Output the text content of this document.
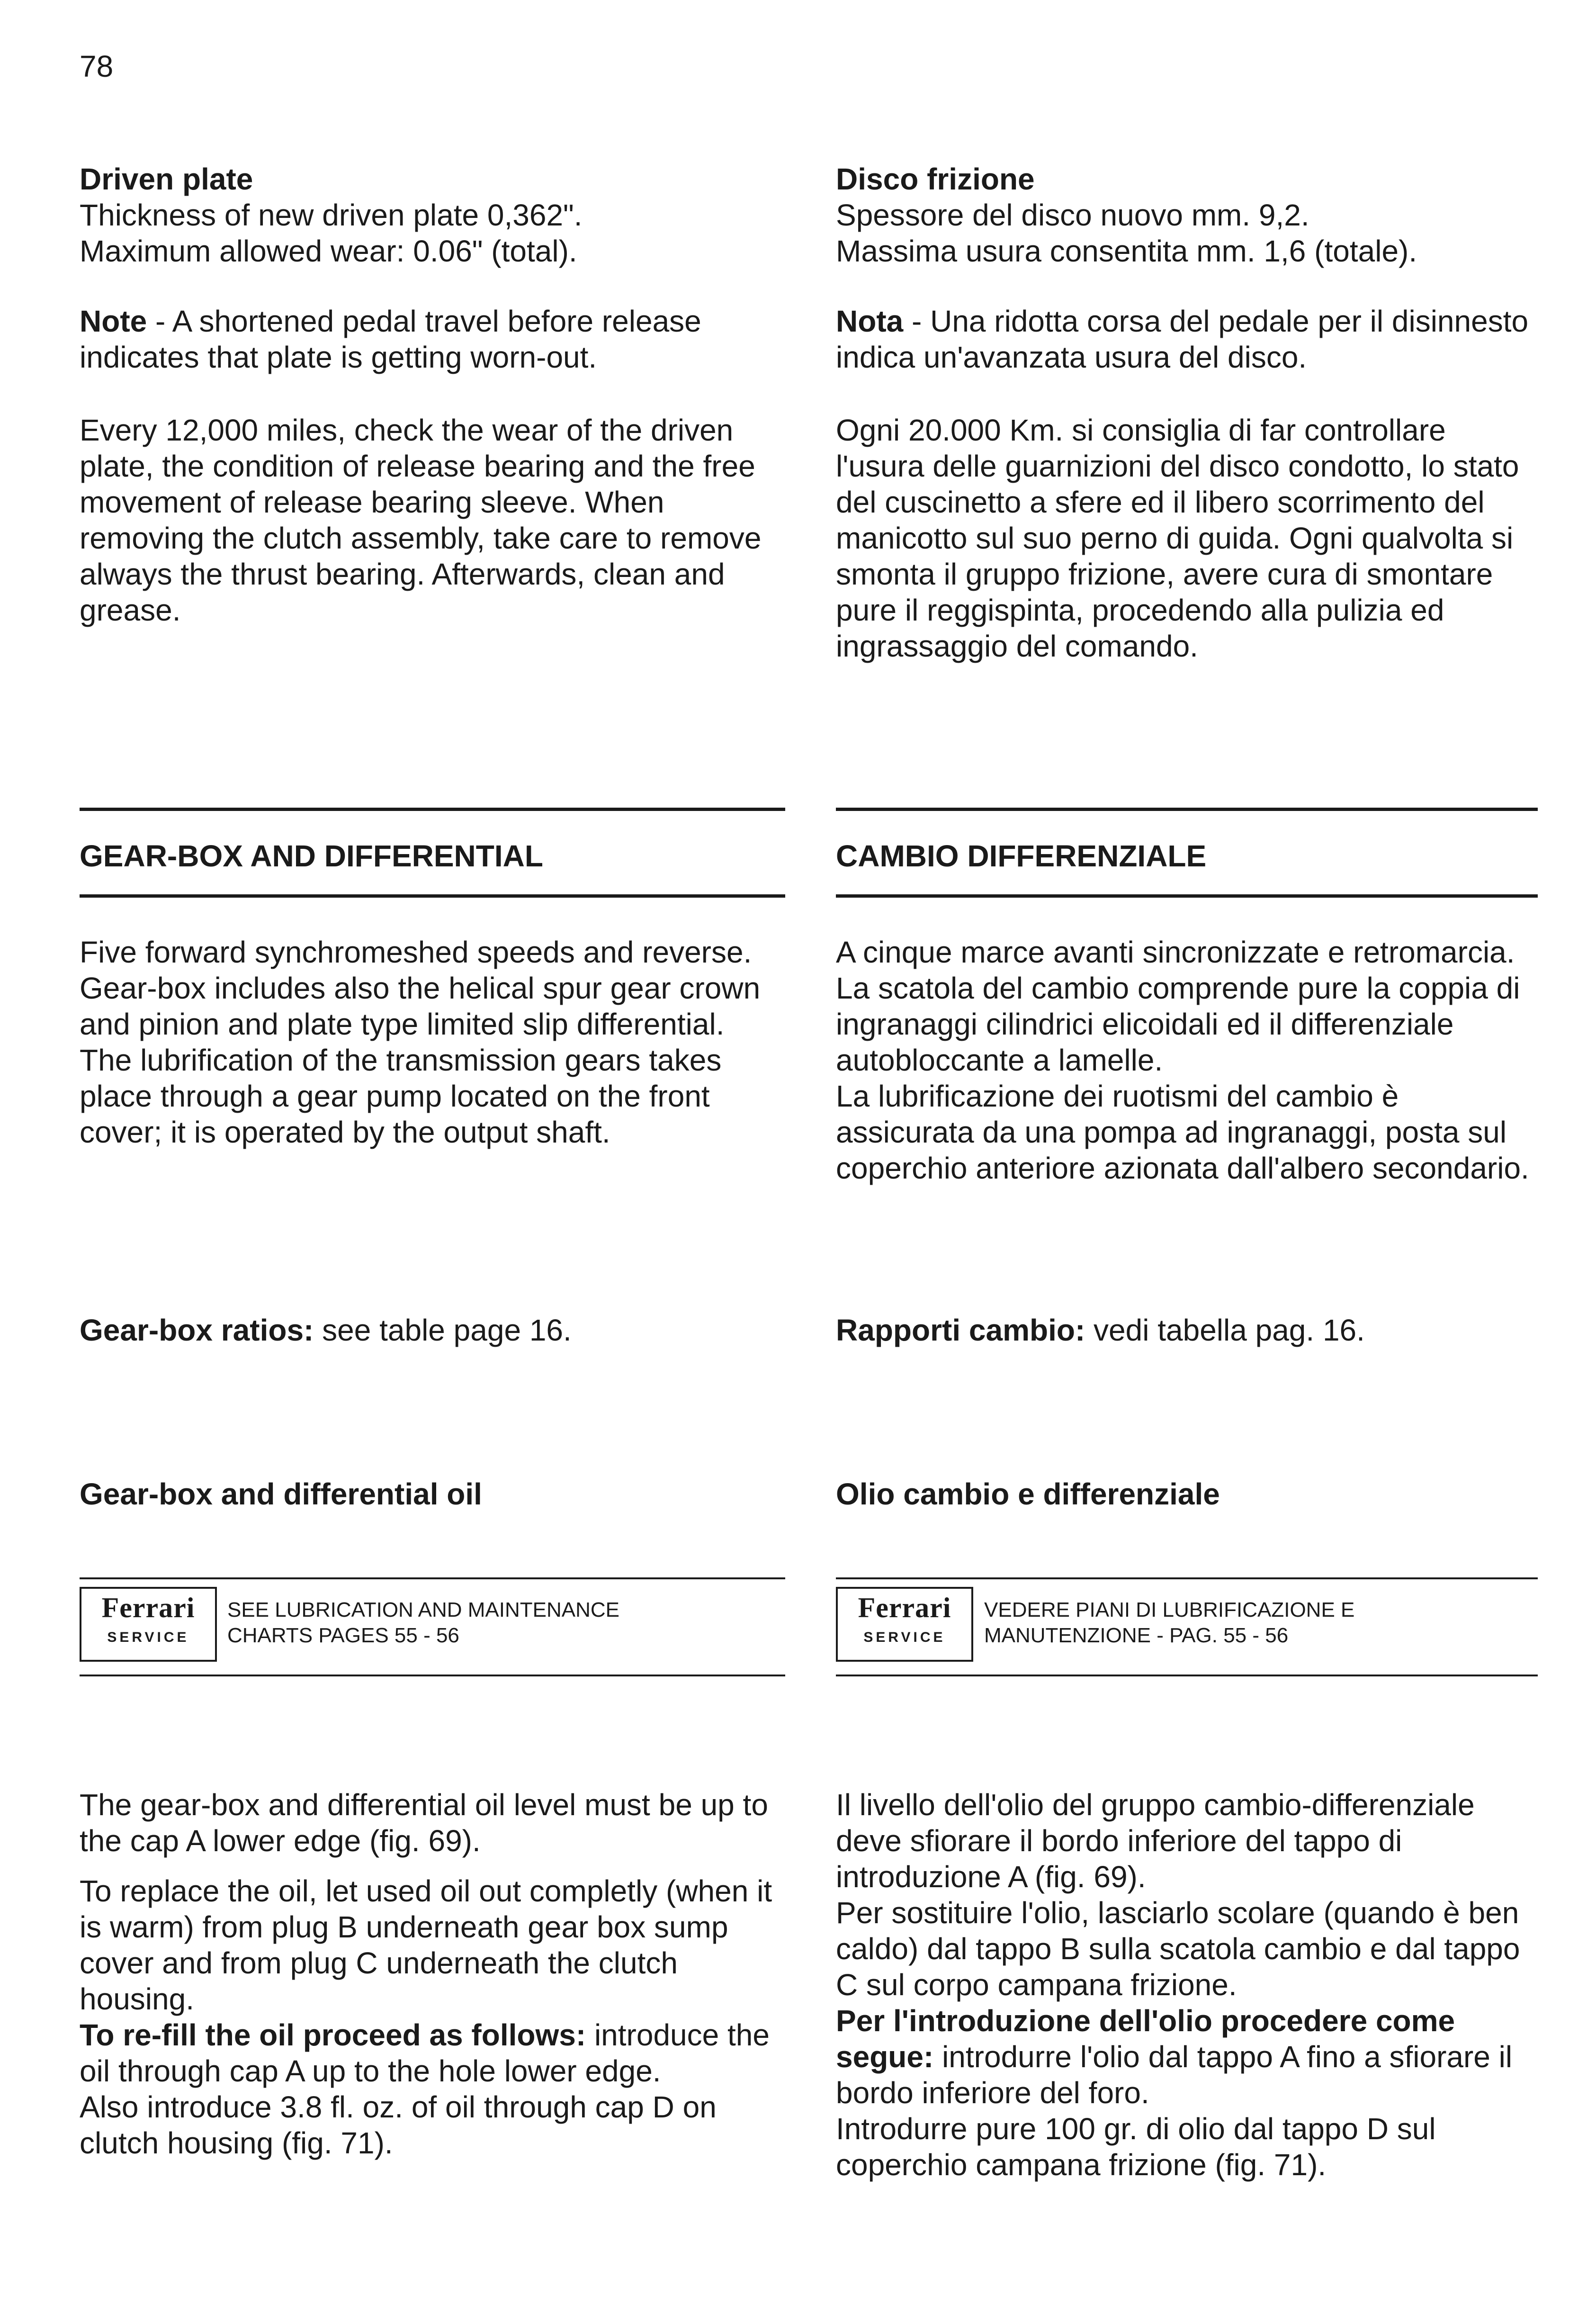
78

Driven plate

Thickness of new driven plate 0,362".

Maximum allowed wear: 0.06" (total).

Note - A shortened pedal travel before release indicates that plate is getting worn-out.

Every 12,000 miles, check the wear of the driven plate, the condition of release bearing and the free movement of release bearing sleeve. When removing the clutch assembly, take care to remove always the thrust bearing. Afterwards, clean and grease.

Disco frizione

Spessore del disco nuovo mm. 9,2.

Massima usura consentita mm. 1,6 (totale).

Nota - Una ridotta corsa del pedale per il disinnesto indica un'avanzata usura del disco.

Ogni 20.000 Km. si consiglia di far controllare l'usura delle guarnizioni del disco condotto, lo stato del cuscinetto a sfere ed il libero scorrimento del manicotto sul suo perno di guida. Ogni qualvolta si smonta il gruppo frizione, avere cura di smontare pure il reggispinta, procedendo alla pulizia ed ingrassaggio del comando.

GEAR-BOX AND DIFFERENTIAL	CAMBIO DIFFERENZIALE

Five forward synchromeshed speeds and reverse.

Gear-box includes also the helical spur gear crown and pinion and plate type limited slip differential.

The lubrification of the transmission gears takes place through a gear pump located on the front cover; it is operated by the output shaft.

A cinque marce avanti sincronizzate e retromarcia.

La scatola del cambio comprende pure la coppia di ingranaggi cilindrici elicoidali ed il differenziale autobloccante a lamelle.

La lubrificazione dei ruotismi del cambio è assicurata da una pompa ad ingranaggi, posta sul coperchio anteriore azionata dall'albero secondario.

Gear-box ratios: see table page 16.	Rapporti cambio: vedi tabella pag. 16.

Gear-box and differential oil	Olio cambio e differenziale
Ferrari
SERVICE
SEE LUBRICATION AND MAINTENANCE
CHARTS PAGES 55 - 56
Ferrari
SERVICE
VEDERE PIANI DI LUBRIFICAZIONE E
MANUTENZIONE - PAG. 55 - 56

The gear-box and differential oil level must be up to the cap A lower edge (fig. 69).

To replace the oil, let used oil out completly (when it is warm) from plug B underneath gear box sump cover and from plug C underneath the clutch housing.

To re-fill the oil proceed as follows: introduce the oil through cap A up to the hole lower edge.

Also introduce 3.8 fl. oz. of oil through cap D on clutch housing (fig. 71).

Il livello dell'olio del gruppo cambio-differenziale deve sfiorare il bordo inferiore del tappo di introduzione A (fig. 69).

Per sostituire l'olio, lasciarlo scolare (quando è ben caldo) dal tappo B sulla scatola cambio e dal tappo C sul corpo campana frizione.

Per l'introduzione dell'olio procedere come segue: introdurre l'olio dal tappo A fino a sfiorare il bordo inferiore del foro.

Introdurre pure 100 gr. di olio dal tappo D sul coperchio campana frizione (fig. 71).
